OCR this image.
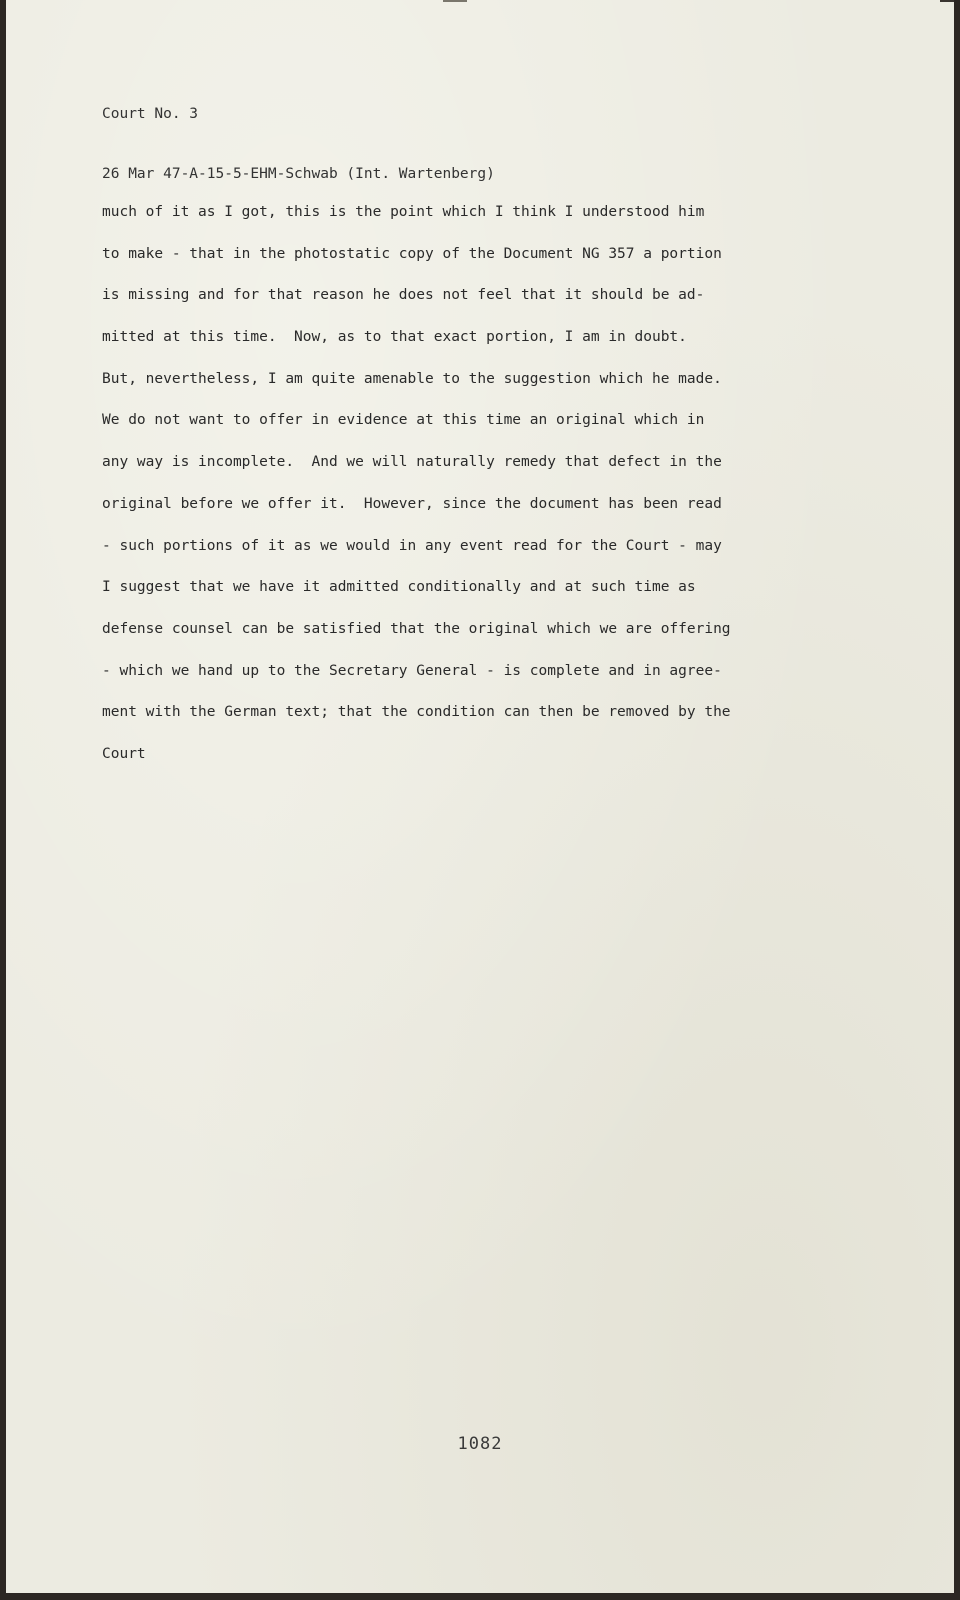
Court No. 3

26 Mar 47-A-15-5-EHM-Schwab (Int. Wartenberg)

much of it as I got, this is the point which I think I understood him
to make - that in the photostatic copy of the Document NG 357 a portion
is missing and for that reason he does not feel that it should be ad-
mitted at this time.  Now, as to that exact portion, I am in doubt.
But, nevertheless, I am quite amenable to the suggestion which he made.
We do not want to offer in evidence at this time an original which in
any way is incomplete.  And we will naturally remedy that defect in the
original before we offer it.  However, since the document has been read
- such portions of it as we would in any event read for the Court - may
I suggest that we have it admitted conditionally and at such time as
defense counsel can be satisfied that the original which we are offering
- which we hand up to the Secretary General - is complete and in agree-
ment with the German text; that the condition can then be removed by the
Court
1082
